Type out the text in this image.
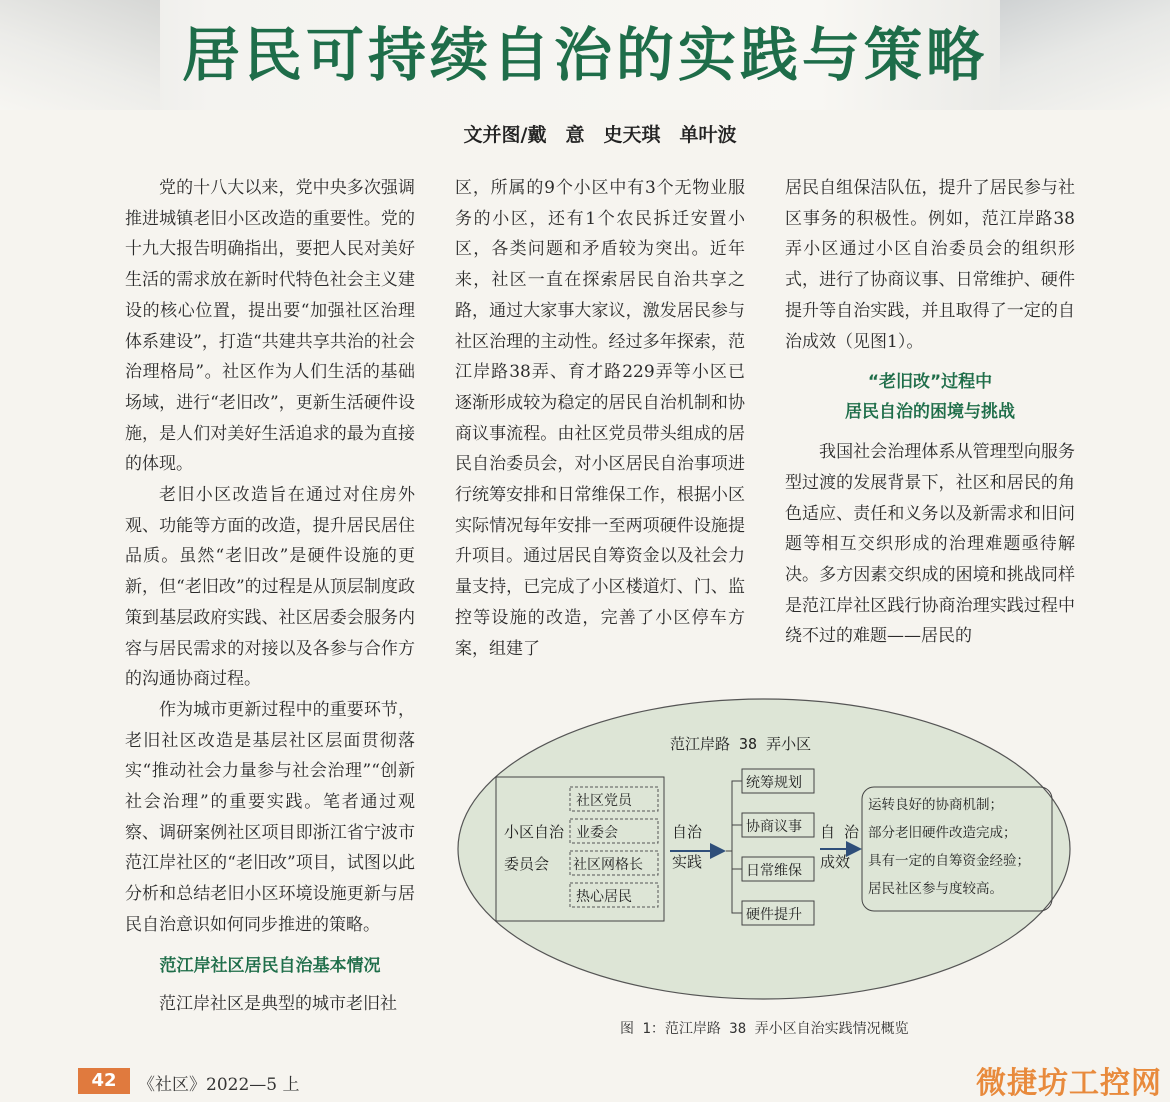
居民可持续自治的实践与策略
文并图/戴　意　史天琪　单叶波

党的十八大以来，党中央多次强调推进城镇老旧小区改造的重要性。党的十九大报告明确指出，要把人民对美好生活的需求放在新时代特色社会主义建设的核心位置，提出要“加强社区治理体系建设”，打造“共建共享共治的社会治理格局”。社区作为人们生活的基础场域，进行“老旧改”，更新生活硬件设施，是人们对美好生活追求的最为直接的体现。

老旧小区改造旨在通过对住房外观、功能等方面的改造，提升居民居住品质。虽然“老旧改”是硬件设施的更新，但“老旧改”的过程是从顶层制度政策到基层政府实践、社区居委会服务内容与居民需求的对接以及各参与合作方的沟通协商过程。

作为城市更新过程中的重要环节，老旧社区改造是基层社区层面贯彻落实“推动社会力量参与社会治理”“创新社会治理”的重要实践。笔者通过观察、调研案例社区项目即浙江省宁波市范江岸社区的“老旧改”项目，试图以此分析和总结老旧小区环境设施更新与居民自治意识如何同步推进的策略。

范江岸社区居民自治基本情况

范江岸社区是典型的城市老旧社

区，所属的9个小区中有3个无物业服务的小区，还有1个农民拆迁安置小区，各类问题和矛盾较为突出。近年来，社区一直在探索居民自治共享之路，通过大家事大家议，激发居民参与社区治理的主动性。经过多年探索，范江岸路38弄、育才路229弄等小区已逐渐形成较为稳定的居民自治机制和协商议事流程。由社区党员带头组成的居民自治委员会，对小区居民自治事项进行统筹安排和日常维保工作，根据小区实际情况每年安排一至两项硬件设施提升项目。通过居民自筹资金以及社会力量支持，已完成了小区楼道灯、门、监控等设施的改造，完善了小区停车方案，组建了

居民自组保洁队伍，提升了居民参与社区事务的积极性。例如，范江岸路38弄小区通过小区自治委员会的组织形式，进行了协商议事、日常维护、硬件提升等自治实践，并且取得了一定的自治成效（见图1）。

“老旧改”过程中
居民自治的困境与挑战

我国社会治理体系从管理型向服务型过渡的发展背景下，社区和居民的角色适应、责任和义务以及新需求和旧问题等相互交织形成的治理难题亟待解决。多方因素交织成的困境和挑战同样是范江岸社区践行协商治理实践过程中绕不过的难题——居民的

范江岸路 38 弄小区
小区自治
委员会
社区党员
业委会
社区网格长
热心居民
自治
实践
统筹规划
协商议事
日常维保
硬件提升
自 治
成效
运转良好的协商机制；
部分老旧硬件改造完成；
具有一定的自筹资金经验；
居民社区参与度较高。
图 1：范江岸路 38 弄小区自治实践情况概览
42	《社区》2022—5 上	微捷坊工控网
